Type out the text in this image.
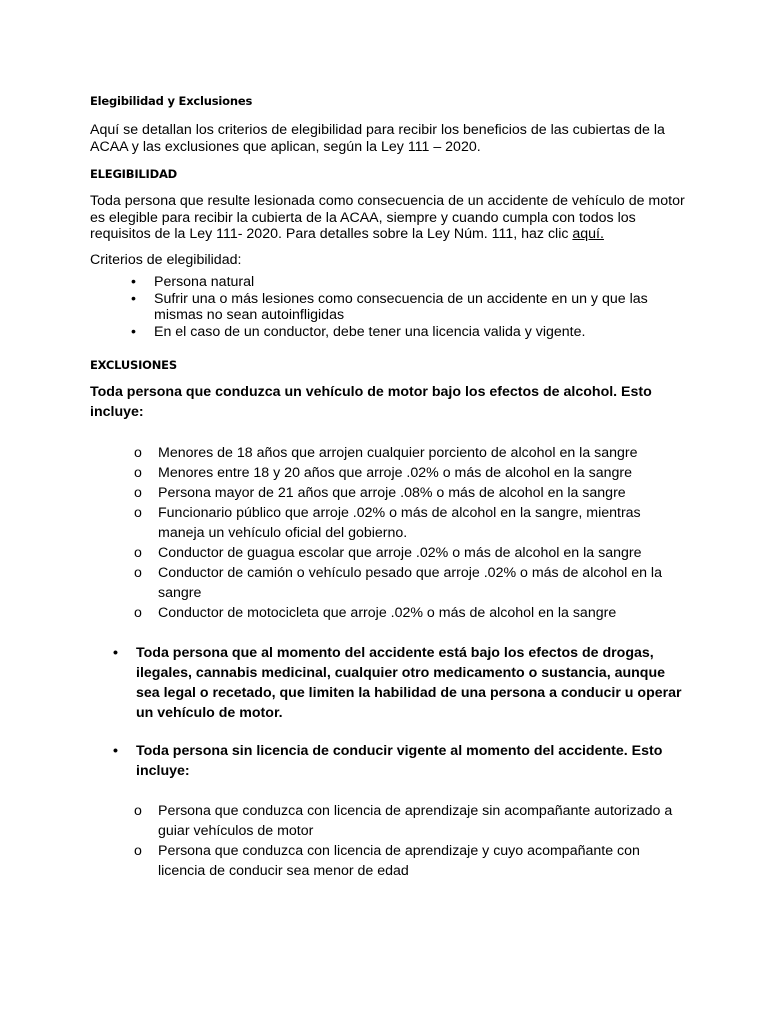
Elegibilidad y Exclusiones

Aquí se detallan los criterios de elegibilidad para recibir los beneficios de las cubiertas de la ACAA y las exclusiones que aplican, según la Ley 111 – 2020.

ELEGIBILIDAD

Toda persona que resulte lesionada como consecuencia de un accidente de vehículo de motor es elegible para recibir la cubierta de la ACAA, siempre y cuando cumpla con todos los requisitos de la Ley 111- 2020. Para detalles sobre la Ley Núm. 111, haz clic aquí.

Criterios de elegibilidad:

• Persona natural
• Sufrir una o más lesiones como consecuencia de un accidente en un y que las mismas no sean autoinfligidas
• En el caso de un conductor, debe tener una licencia valida y vigente.

EXCLUSIONES

Toda persona que conduzca un vehículo de motor bajo los efectos de alcohol. Esto incluye:

o Menores de 18 años que arrojen cualquier porciento de alcohol en la sangre
o Menores entre 18 y 20 años que arroje .02% o más de alcohol en la sangre
o Persona mayor de 21 años que arroje .08% o más de alcohol en la sangre
o Funcionario público que arroje .02% o más de alcohol en la sangre, mientras maneja un vehículo oficial del gobierno.
o Conductor de guagua escolar que arroje .02% o más de alcohol en la sangre
o Conductor de camión o vehículo pesado que arroje .02% o más de alcohol en la sangre
o Conductor de motocicleta que arroje .02% o más de alcohol en la sangre
• Toda persona que al momento del accidente está bajo los efectos de drogas, ilegales, cannabis medicinal, cualquier otro medicamento o sustancia, aunque sea legal o recetado, que limiten la habilidad de una persona a conducir u operar un vehículo de motor.
• Toda persona sin licencia de conducir vigente al momento del accidente. Esto incluye:
o Persona que conduzca con licencia de aprendizaje sin acompañante autorizado a guiar vehículos de motor
o Persona que conduzca con licencia de aprendizaje y cuyo acompañante con licencia de conducir sea menor de edad
